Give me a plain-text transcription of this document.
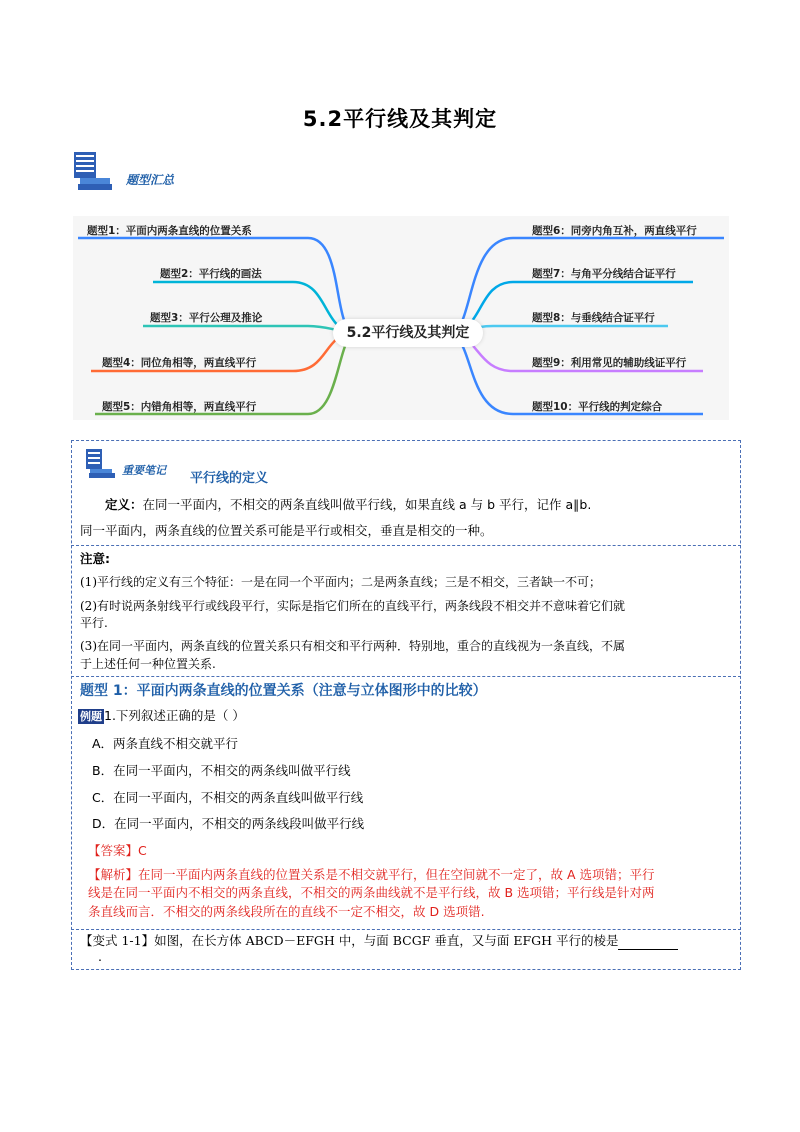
5.2平行线及其判定
题型汇总
题型1：平面内两条直线的位置关系
题型2：平行线的画法
题型3：平行公理及推论
题型4：同位角相等，两直线平行
题型5：内错角相等，两直线平行
题型6：同旁内角互补，两直线平行
题型7：与角平分线结合证平行
题型8：与垂线结合证平行
题型9：利用常见的辅助线证平行
题型10：平行线的判定综合
5.2平行线及其判定
重要笔记
平行线的定义
定义：在同一平面内，不相交的两条直线叫做平行线，如果直线 a 与 b 平行，记作 a∥b.
同一平面内，两条直线的位置关系可能是平行或相交，垂直是相交的一种。
注意:
(1)平行线的定义有三个特征：一是在同一个平面内；二是两条直线；三是不相交，三者缺一不可；
(2)有时说两条射线平行或线段平行，实际是指它们所在的直线平行，两条线段不相交并不意味着它们就
平行.
(3)在同一平面内，两条直线的位置关系只有相交和平行两种．特别地，重合的直线视为一条直线，不属
于上述任何一种位置关系.
题型 1：平面内两条直线的位置关系（注意与立体图形中的比较）
例题 1.下列叙述正确的是（ ）
A．两条直线不相交就平行
B．在同一平面内，不相交的两条线叫做平行线
C．在同一平面内，不相交的两条直线叫做平行线
D．在同一平面内，不相交的两条线段叫做平行线
【答案】C
【解析】在同一平面内两条直线的位置关系是不相交就平行，但在空间就不一定了，故 A 选项错；平行
线是在同一平面内不相交的两条直线，不相交的两条曲线就不是平行线，故 B 选项错；平行线是针对两
条直线而言．不相交的两条线段所在的直线不一定不相交，故 D 选项错.
【变式 1-1】如图，在长方体 ABCD－EFGH 中，与面 BCGF 垂直，又与面 EFGH 平行的棱是
.
